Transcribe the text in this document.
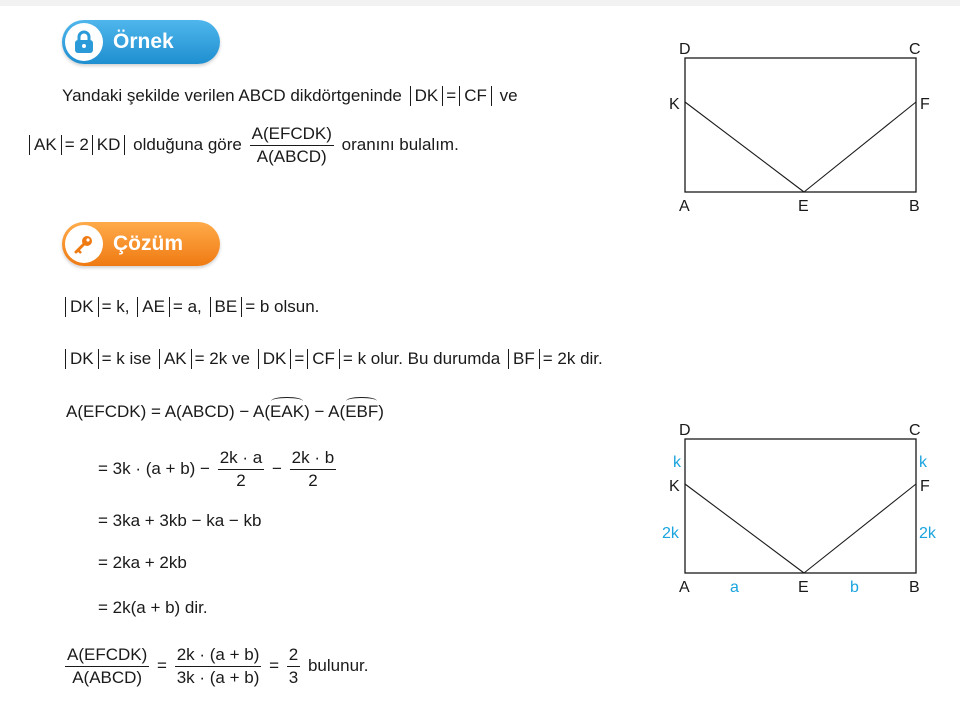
Örnek
Yandaki şekilde verilen ABCD dikdörtgeninde DK = CF ve
AK = 2 KD olduğuna göre $\frac{\text{A(EFCDK)}}{\text{A(ABCD)}}$ oranını bulalım.
D	C
K	F
A	E	B
Çözüm
DK = k, AE = a, BE = b olsun.
DK = k ise AK = 2k ve DK = CF = k olur. Bu durumda BF = 2k dir.
A(EFCDK) = A(ABCD) − A(EAK) − A(EBF)
= $3k \cdot (a + b) - \frac{2k \cdot a}{2} - \frac{2k \cdot b}{2}$
= 3ka + 3kb − ka − kb
= 2ka + 2kb
= 2k(a + b) dir.
$\frac{\text{A(EFCDK)}}{\text{A(ABCD)}} = \frac{2k \cdot (a + b)}{3k \cdot (a + b)} = \frac{2}{3}$ bulunur.
D	C
K	F
A	E	B
k	k
2k	2k
a	b
